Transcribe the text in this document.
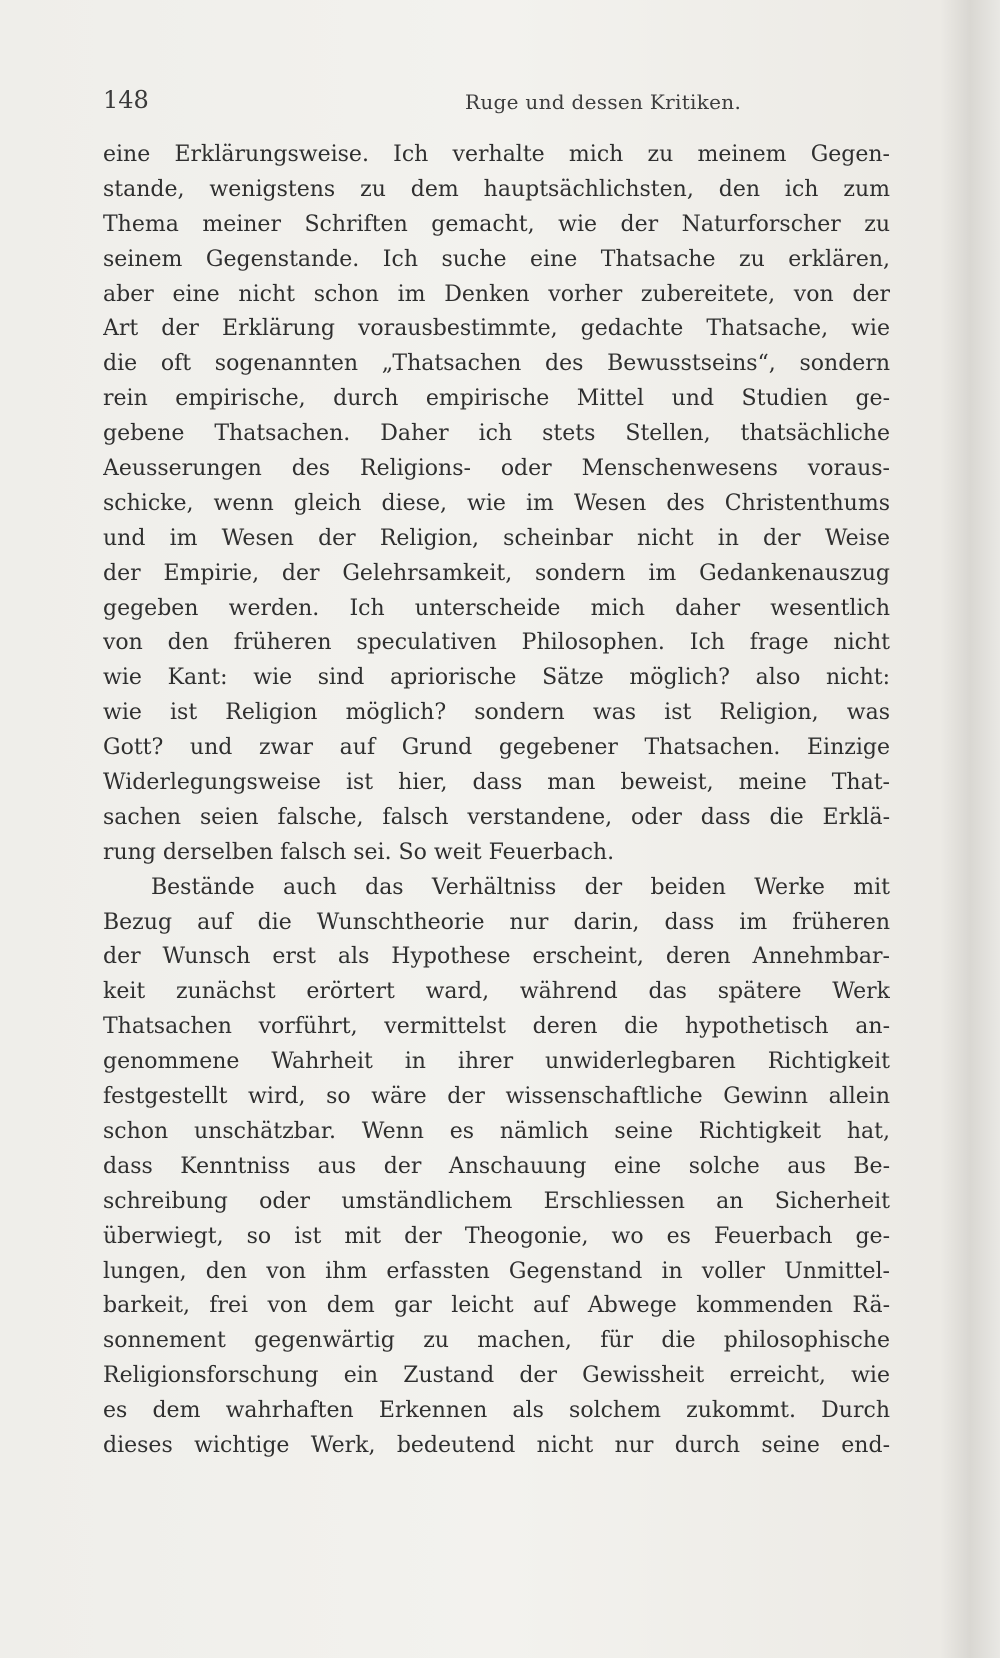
148	Ruge und dessen Kritiken.
eine Erklärungsweise. Ich verhalte mich zu meinem Gegen-
stande, wenigstens zu dem hauptsächlichsten, den ich zum
Thema meiner Schriften gemacht, wie der Naturforscher zu
seinem Gegenstande. Ich suche eine Thatsache zu erklären,
aber eine nicht schon im Denken vorher zubereitete, von der
Art der Erklärung vorausbestimmte, gedachte Thatsache, wie
die oft sogenannten „Thatsachen des Bewusstseins“, sondern
rein empirische, durch empirische Mittel und Studien ge-
gebene Thatsachen. Daher ich stets Stellen, thatsächliche
Aeusserungen des Religions- oder Menschenwesens voraus-
schicke, wenn gleich diese, wie im Wesen des Christenthums
und im Wesen der Religion, scheinbar nicht in der Weise
der Empirie, der Gelehrsamkeit, sondern im Gedankenauszug
gegeben werden. Ich unterscheide mich daher wesentlich
von den früheren speculativen Philosophen. Ich frage nicht
wie Kant: wie sind apriorische Sätze möglich? also nicht:
wie ist Religion möglich? sondern was ist Religion, was
Gott? und zwar auf Grund gegebener Thatsachen. Einzige
Widerlegungsweise ist hier, dass man beweist, meine That-
sachen seien falsche, falsch verstandene, oder dass die Erklä-
rung derselben falsch sei. So weit Feuerbach.
Bestände auch das Verhältniss der beiden Werke mit
Bezug auf die Wunschtheorie nur darin, dass im früheren
der Wunsch erst als Hypothese erscheint, deren Annehmbar-
keit zunächst erörtert ward, während das spätere Werk
Thatsachen vorführt, vermittelst deren die hypothetisch an-
genommene Wahrheit in ihrer unwiderlegbaren Richtigkeit
festgestellt wird, so wäre der wissenschaftliche Gewinn allein
schon unschätzbar. Wenn es nämlich seine Richtigkeit hat,
dass Kenntniss aus der Anschauung eine solche aus Be-
schreibung oder umständlichem Erschliessen an Sicherheit
überwiegt, so ist mit der Theogonie, wo es Feuerbach ge-
lungen, den von ihm erfassten Gegenstand in voller Unmittel-
barkeit, frei von dem gar leicht auf Abwege kommenden Rä-
sonnement gegenwärtig zu machen, für die philosophische
Religionsforschung ein Zustand der Gewissheit erreicht, wie
es dem wahrhaften Erkennen als solchem zukommt. Durch
dieses wichtige Werk, bedeutend nicht nur durch seine end-
